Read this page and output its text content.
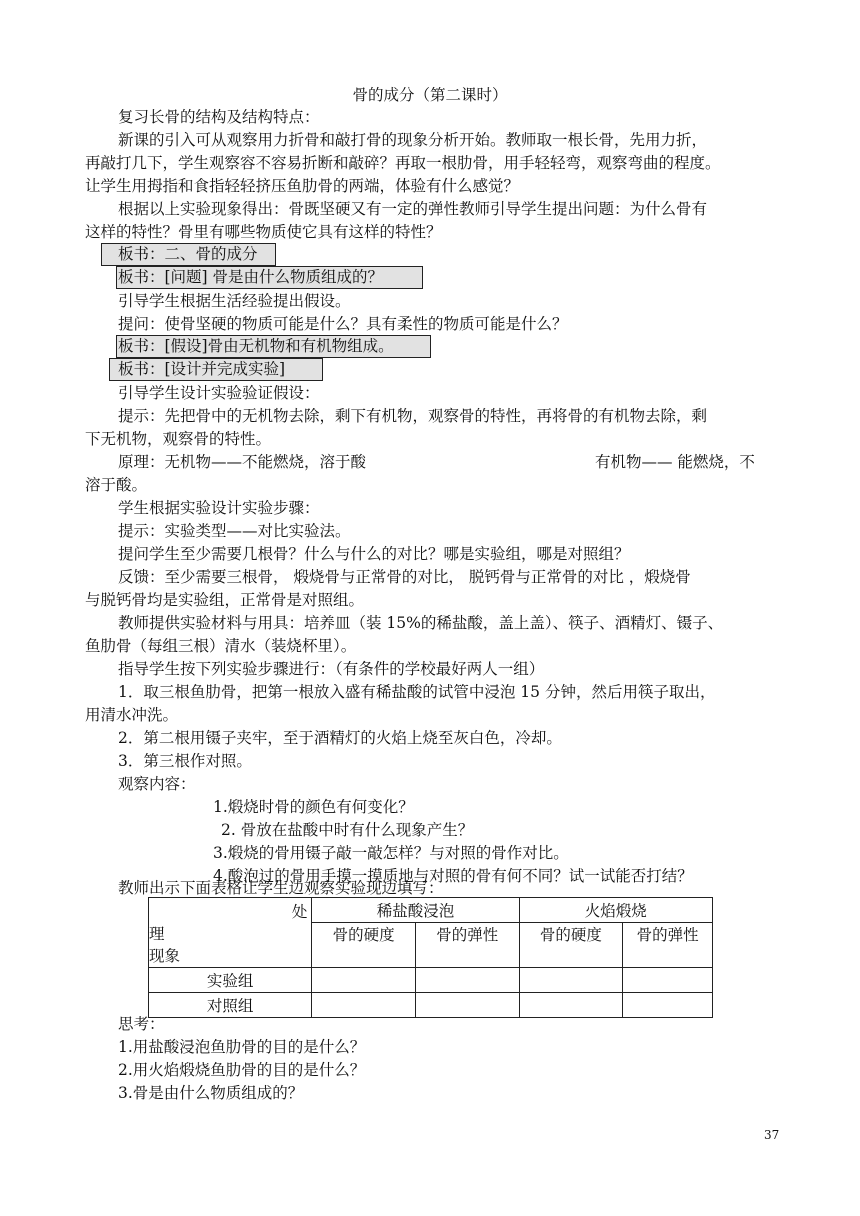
骨的成分（第二课时）
复习长骨的结构及结构特点：
新课的引入可从观察用力折骨和敲打骨的现象分析开始。教师取一根长骨，先用力折，
再敲打几下，学生观察容不容易折断和敲碎？再取一根肋骨，用手轻轻弯，观察弯曲的程度。
让学生用拇指和食指轻轻挤压鱼肋骨的两端，体验有什么感觉？
根据以上实验现象得出：骨既坚硬又有一定的弹性教师引导学生提出问题：为什么骨有
这样的特性？骨里有哪些物质使它具有这样的特性？
板书：二、骨的成分
板书：[问题] 骨是由什么物质组成的？
引导学生根据生活经验提出假设。
提问：使骨坚硬的物质可能是什么？具有柔性的物质可能是什么？
板书：[假设]骨由无机物和有机物组成。
板书：[设计并完成实验]
引导学生设计实验验证假设：
提示：先把骨中的无机物去除，剩下有机物，观察骨的特性，再将骨的有机物去除，剩
下无机物，观察骨的特性。
原理：无机物——不能燃烧，溶于酸	有机物—— 能燃烧，不
溶于酸。
学生根据实验设计实验步骤：
提示：实验类型——对比实验法。
提问学生至少需要几根骨？什么与什么的对比？哪是实验组，哪是对照组？
反馈：至少需要三根骨， 煅烧骨与正常骨的对比， 脱钙骨与正常骨的对比 ，煅烧骨
与脱钙骨均是实验组，正常骨是对照组。
教师提供实验材料与用具：培养皿（装 15%的稀盐酸，盖上盖）、筷子、酒精灯、镊子、
鱼肋骨（每组三根）清水（装烧杯里）。
指导学生按下列实验步骤进行：（有条件的学校最好两人一组）
1．取三根鱼肋骨，把第一根放入盛有稀盐酸的试管中浸泡 15 分钟，然后用筷子取出，
用清水冲洗。
2．第二根用镊子夹牢，至于酒精灯的火焰上烧至灰白色，冷却。
3．第三根作对照。
观察内容：
1.煅烧时骨的颜色有何变化？
2. 骨放在盐酸中时有什么现象产生？
3.煅烧的骨用镊子敲一敲怎样？与对照的骨作对比。
4.酸泡过的骨用手摸一摸质地与对照的骨有何不同？试一试能否打结？
教师出示下面表格让学生边观察实验现边填写：
处
理
现象	稀盐酸浸泡		火焰煅烧	
	骨的硬度	骨的弹性	骨的硬度	骨的弹性
实验组				
对照组				
思考：
1.用盐酸浸泡鱼肋骨的目的是什么？
2.用火焰煅烧鱼肋骨的目的是什么？
3.骨是由什么物质组成的？
37
